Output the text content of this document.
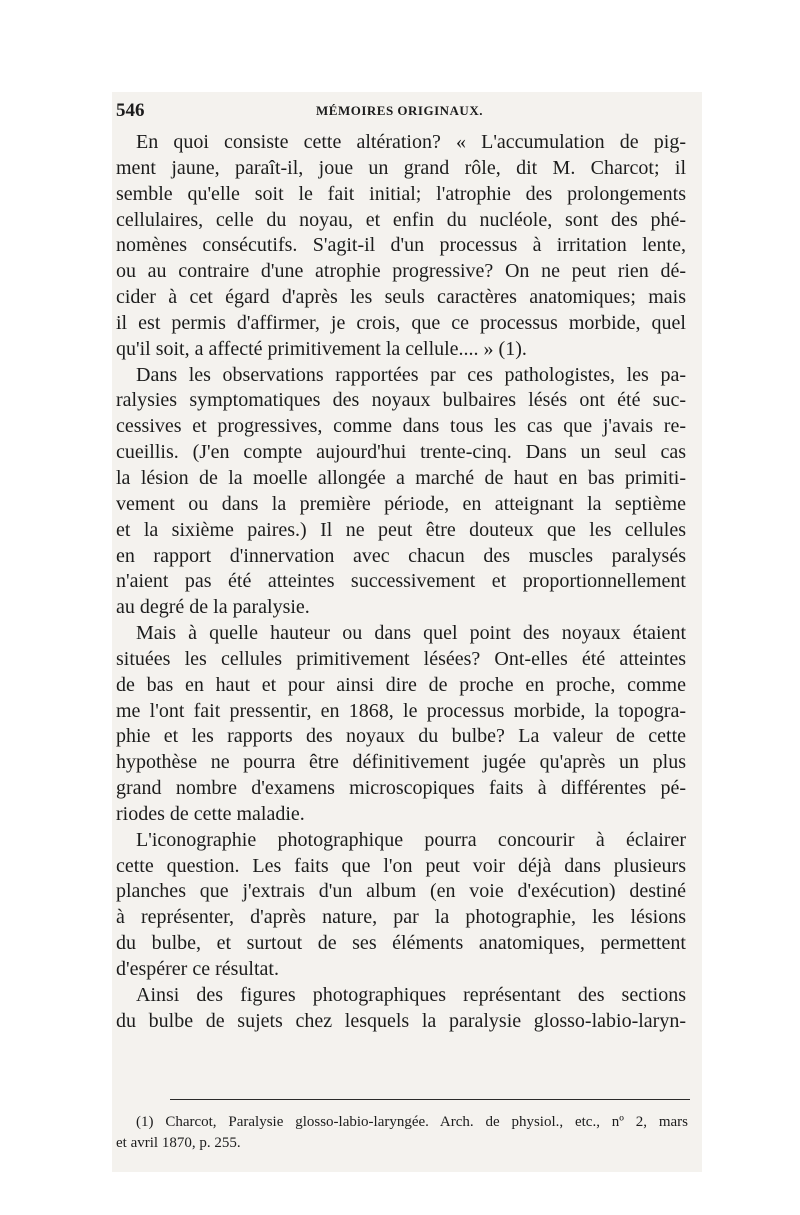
546	MÉMOIRES ORIGINAUX.
En quoi consiste cette altération? « L'accumulation de pig-
ment jaune, paraît-il, joue un grand rôle, dit M. Charcot; il
semble qu'elle soit le fait initial; l'atrophie des prolongements
cellulaires, celle du noyau, et enfin du nucléole, sont des phé-
nomènes consécutifs. S'agit-il d'un processus à irritation lente,
ou au contraire d'une atrophie progressive? On ne peut rien dé-
cider à cet égard d'après les seuls caractères anatomiques; mais
il est permis d'affirmer, je crois, que ce processus morbide, quel
qu'il soit, a affecté primitivement la cellule.... » (1).
Dans les observations rapportées par ces pathologistes, les pa-
ralysies symptomatiques des noyaux bulbaires lésés ont été suc-
cessives et progressives, comme dans tous les cas que j'avais re-
cueillis. (J'en compte aujourd'hui trente-cinq. Dans un seul cas
la lésion de la moelle allongée a marché de haut en bas primiti-
vement ou dans la première période, en atteignant la septième
et la sixième paires.) Il ne peut être douteux que les cellules
en rapport d'innervation avec chacun des muscles paralysés
n'aient pas été atteintes successivement et proportionnellement
au degré de la paralysie.
Mais à quelle hauteur ou dans quel point des noyaux étaient
situées les cellules primitivement lésées? Ont-elles été atteintes
de bas en haut et pour ainsi dire de proche en proche, comme
me l'ont fait pressentir, en 1868, le processus morbide, la topogra-
phie et les rapports des noyaux du bulbe? La valeur de cette
hypothèse ne pourra être définitivement jugée qu'après un plus
grand nombre d'examens microscopiques faits à différentes pé-
riodes de cette maladie.
L'iconographie photographique pourra concourir à éclairer
cette question. Les faits que l'on peut voir déjà dans plusieurs
planches que j'extrais d'un album (en voie d'exécution) destiné
à représenter, d'après nature, par la photographie, les lésions
du bulbe, et surtout de ses éléments anatomiques, permettent
d'espérer ce résultat.
Ainsi des figures photographiques représentant des sections
du bulbe de sujets chez lesquels la paralysie glosso-labio-laryn-
(1) Charcot, Paralysie glosso-labio-laryngée. Arch. de physiol., etc., nº 2, mars
et avril 1870, p. 255.
